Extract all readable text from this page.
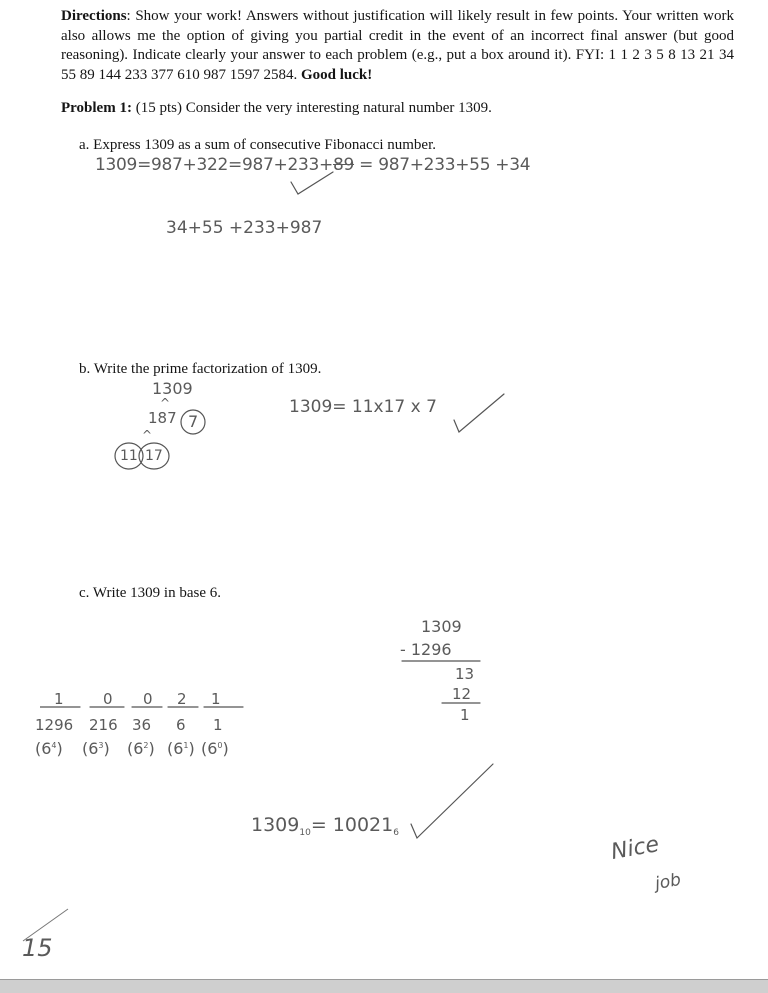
Directions: Show your work! Answers without justification will likely result in few points. Your written work also allows me the option of giving you partial credit in the event of an incorrect final answer (but good reasoning). Indicate clearly your answer to each problem (e.g., put a box around it). FYI: 1 1 2 3 5 8 13 21 34 55 89 144 233 377 610 987 1597 2584. Good luck!
Problem 1: (15 pts) Consider the very interesting natural number 1309.
a. Express 1309 as a sum of consecutive Fibonacci number.
1309=987+322=987+233+89 = 987+233+55 +34
34+55 +233+987
b. Write the prime factorization of 1309.
1309
^
187 7
^
11 17
1309= 11x17 x 7
c. Write 1309 in base 6.
1309
- 1296
13
12
1
1	0 0 2 1
1296 216 36 6 1
$(6^4)$ $(6^3)$ $(6^2)$ $(6^1)$ $(6^0)$
$1309_{10}= 10021_6$	Nice
job
15
